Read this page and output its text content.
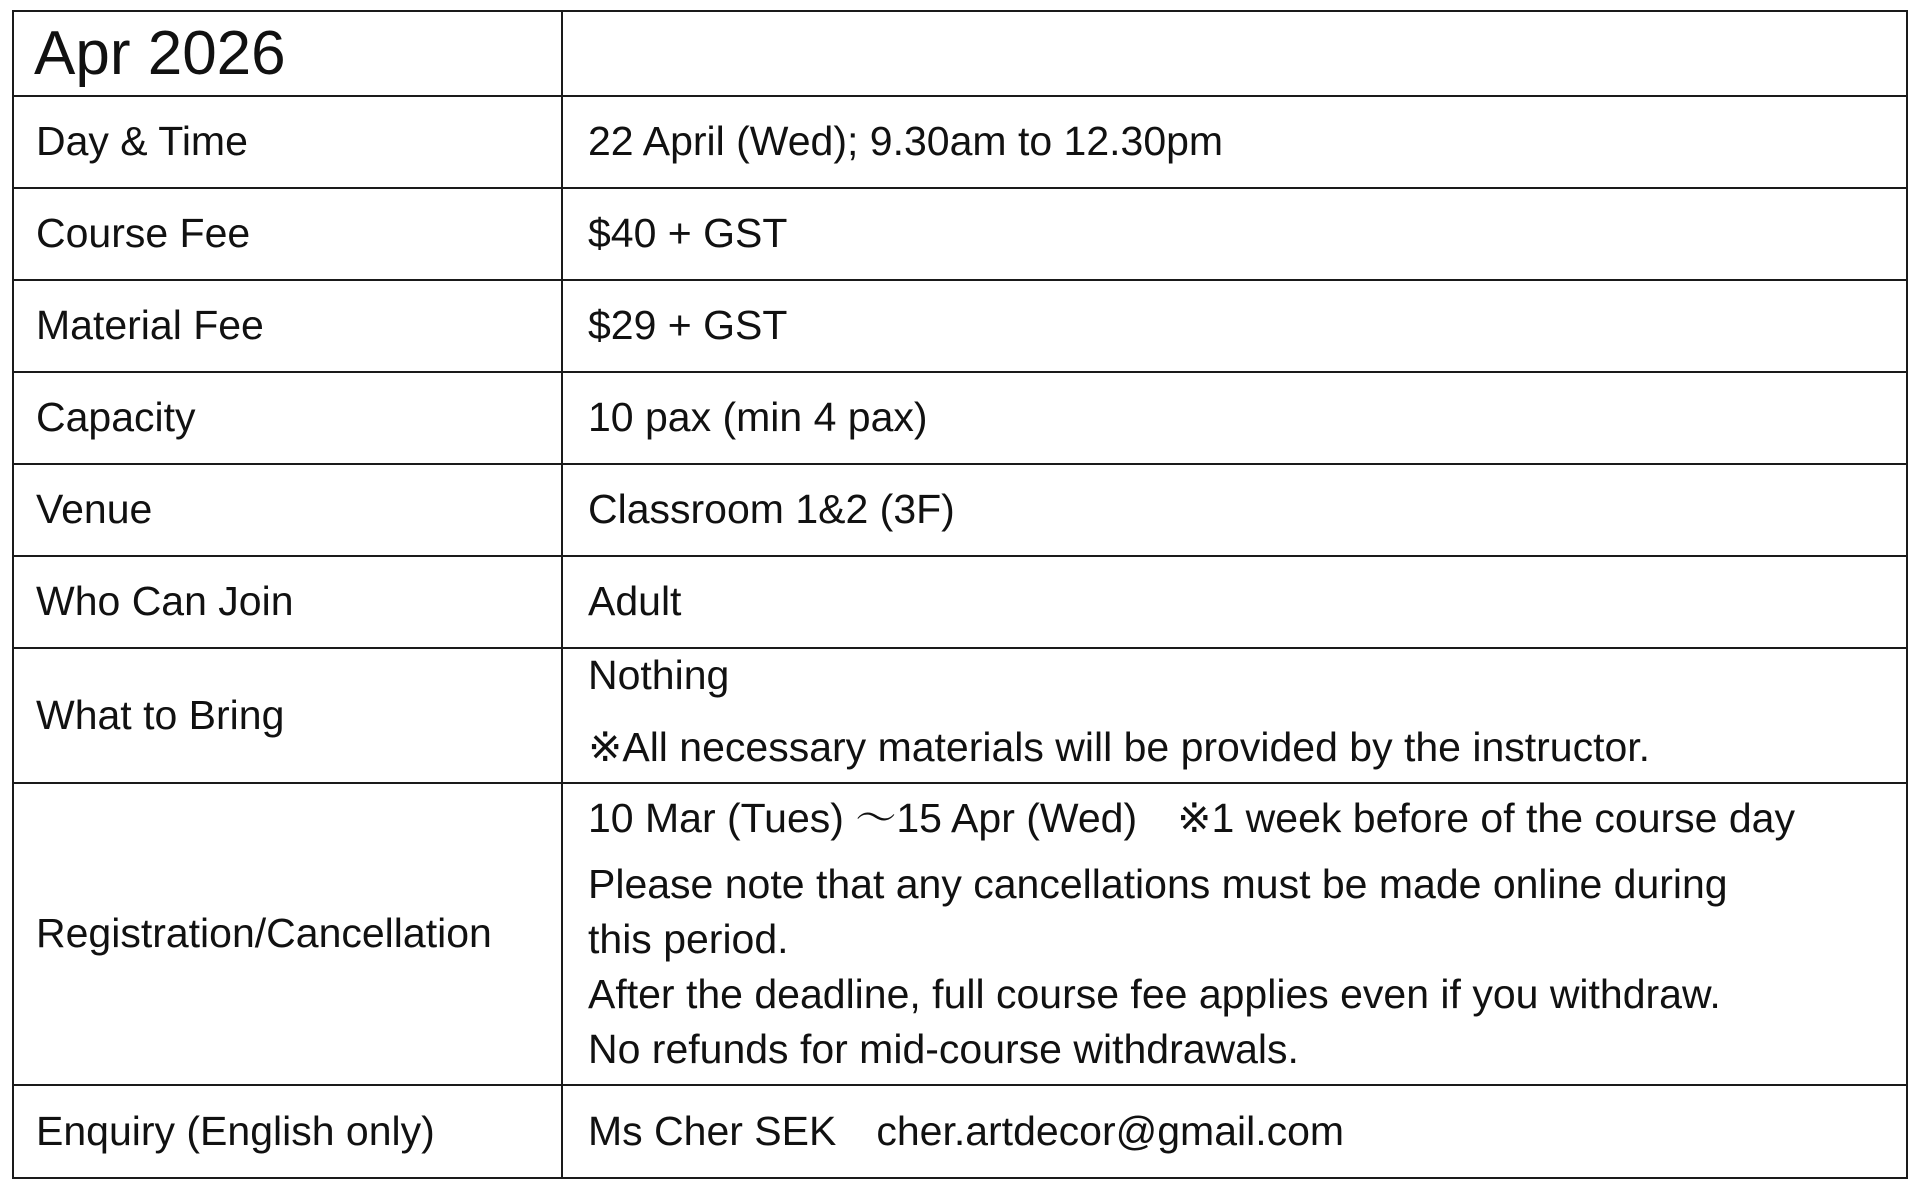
Apr 2026	
Day & Time	22 April (Wed); 9.30am to 12.30pm
Course Fee	$40 + GST
Material Fee	$29 + GST
Capacity	10 pax (min 4 pax)
Venue	Classroom 1&2 (3F)
Who Can Join	Adult
What to Bring	Nothing
※All necessary materials will be provided by the instructor.

Registration/Cancellation	10 Mar (Tues) ～15 Apr (Wed) ※1 week before of the course day
Please note that any cancellations must be made online during
this period.
After the deadline, full course fee applies even if you withdraw.
No refunds for mid-course withdrawals.

Enquiry (English only)	Ms Cher SEK cher.artdecor@gmail.com
